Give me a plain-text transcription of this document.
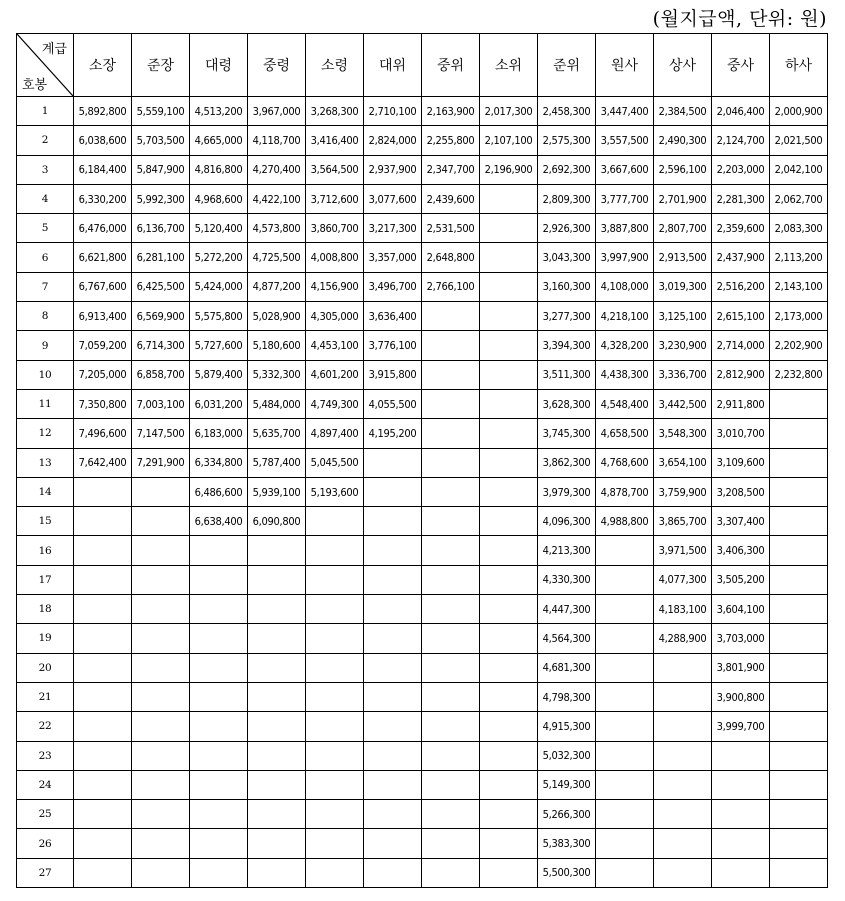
(월지급액, 단위: 원)
계급
호봉	소장	준장	대령	중령	소령	대위	중위	소위	준위	원사	상사	중사	하사
1	5,892,800	5,559,100	4,513,200	3,967,000	3,268,300	2,710,100	2,163,900	2,017,300	2,458,300	3,447,400	2,384,500	2,046,400	2,000,900
2	6,038,600	5,703,500	4,665,000	4,118,700	3,416,400	2,824,000	2,255,800	2,107,100	2,575,300	3,557,500	2,490,300	2,124,700	2,021,500
3	6,184,400	5,847,900	4,816,800	4,270,400	3,564,500	2,937,900	2,347,700	2,196,900	2,692,300	3,667,600	2,596,100	2,203,000	2,042,100
4	6,330,200	5,992,300	4,968,600	4,422,100	3,712,600	3,077,600	2,439,600		2,809,300	3,777,700	2,701,900	2,281,300	2,062,700
5	6,476,000	6,136,700	5,120,400	4,573,800	3,860,700	3,217,300	2,531,500		2,926,300	3,887,800	2,807,700	2,359,600	2,083,300
6	6,621,800	6,281,100	5,272,200	4,725,500	4,008,800	3,357,000	2,648,800		3,043,300	3,997,900	2,913,500	2,437,900	2,113,200
7	6,767,600	6,425,500	5,424,000	4,877,200	4,156,900	3,496,700	2,766,100		3,160,300	4,108,000	3,019,300	2,516,200	2,143,100
8	6,913,400	6,569,900	5,575,800	5,028,900	4,305,000	3,636,400			3,277,300	4,218,100	3,125,100	2,615,100	2,173,000
9	7,059,200	6,714,300	5,727,600	5,180,600	4,453,100	3,776,100			3,394,300	4,328,200	3,230,900	2,714,000	2,202,900
10	7,205,000	6,858,700	5,879,400	5,332,300	4,601,200	3,915,800			3,511,300	4,438,300	3,336,700	2,812,900	2,232,800
11	7,350,800	7,003,100	6,031,200	5,484,000	4,749,300	4,055,500			3,628,300	4,548,400	3,442,500	2,911,800	
12	7,496,600	7,147,500	6,183,000	5,635,700	4,897,400	4,195,200			3,745,300	4,658,500	3,548,300	3,010,700	
13	7,642,400	7,291,900	6,334,800	5,787,400	5,045,500				3,862,300	4,768,600	3,654,100	3,109,600	
14			6,486,600	5,939,100	5,193,600				3,979,300	4,878,700	3,759,900	3,208,500	
15			6,638,400	6,090,800					4,096,300	4,988,800	3,865,700	3,307,400	
16									4,213,300		3,971,500	3,406,300	
17									4,330,300		4,077,300	3,505,200	
18									4,447,300		4,183,100	3,604,100	
19									4,564,300		4,288,900	3,703,000	
20									4,681,300			3,801,900	
21									4,798,300			3,900,800	
22									4,915,300			3,999,700	
23									5,032,300				
24									5,149,300				
25									5,266,300				
26									5,383,300				
27									5,500,300				
